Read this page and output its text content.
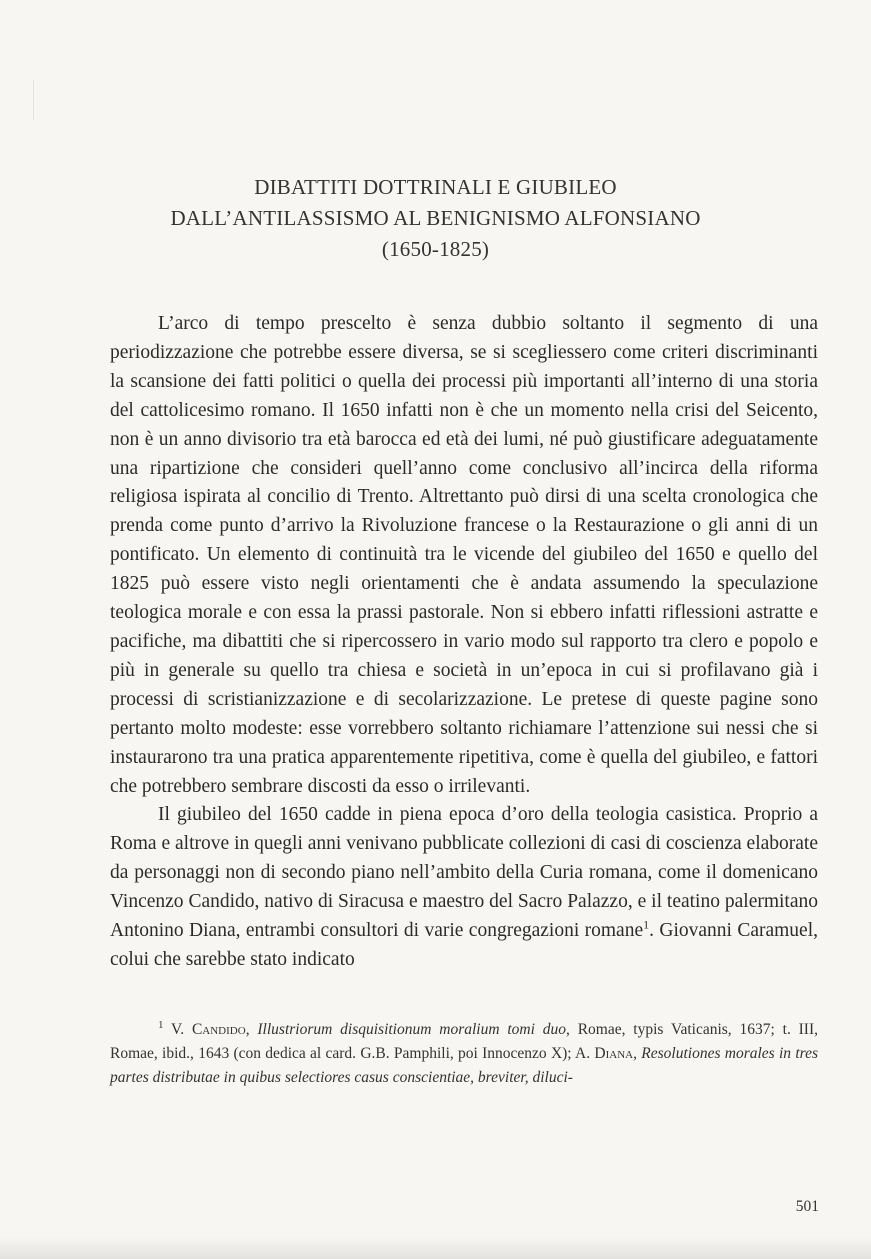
DIBATTITI DOTTRINALI E GIUBILEO
DALL’ANTILASSISMO AL BENIGNISMO ALFONSIANO
(1650-1825)

L’arco di tempo prescelto è senza dubbio soltanto il segmento di una periodizzazione che potrebbe essere diversa, se si scegliessero come criteri discriminanti la scansione dei fatti politici o quella dei processi più importanti all’interno di una storia del cattolicesimo romano. Il 1650 infatti non è che un momento nella crisi del Seicento, non è un anno divisorio tra età barocca ed età dei lumi, né può giustificare adeguatamente una ripartizione che consideri quell’anno come conclusivo all’incirca della riforma religiosa ispirata al concilio di Trento. Altrettanto può dirsi di una scelta cronologica che prenda come punto d’arrivo la Rivoluzione francese o la Restaurazione o gli anni di un pontificato. Un elemento di continuità tra le vicende del giubileo del 1650 e quello del 1825 può essere visto negli orientamenti che è andata assumendo la speculazione teologica morale e con essa la prassi pastorale. Non si ebbero infatti riflessioni astratte e pacifiche, ma dibattiti che si ripercossero in vario modo sul rapporto tra clero e popolo e più in generale su quello tra chiesa e società in un’epoca in cui si profilavano già i processi di scristianizzazione e di secolarizzazione. Le pretese di queste pagine sono pertanto molto modeste: esse vorrebbero soltanto richiamare l’attenzione sui nessi che si instaurarono tra una pratica apparentemente ripetitiva, come è quella del giubileo, e fattori che potrebbero sembrare discosti da esso o irrilevanti.

Il giubileo del 1650 cadde in piena epoca d’oro della teologia casistica. Proprio a Roma e altrove in quegli anni venivano pubblicate collezioni di casi di coscienza elaborate da personaggi non di secondo piano nell’ambito della Curia romana, come il domenicano Vincenzo Candido, nativo di Siracusa e maestro del Sacro Palazzo, e il teatino palermitano Antonino Diana, entrambi consultori di varie congregazioni romane$^1$. Giovanni Caramuel, colui che sarebbe stato indicato

$^1$ V. Candido, Illustriorum disquisitionum moralium tomi duo, Romae, typis Vaticanis, 1637; t. III, Romae, ibid., 1643 (con dedica al card. G.B. Pamphili, poi Innocenzo X); A. Diana, Resolutiones morales in tres partes distributae in quibus selectiores casus conscientiae, breviter, diluci-

501
